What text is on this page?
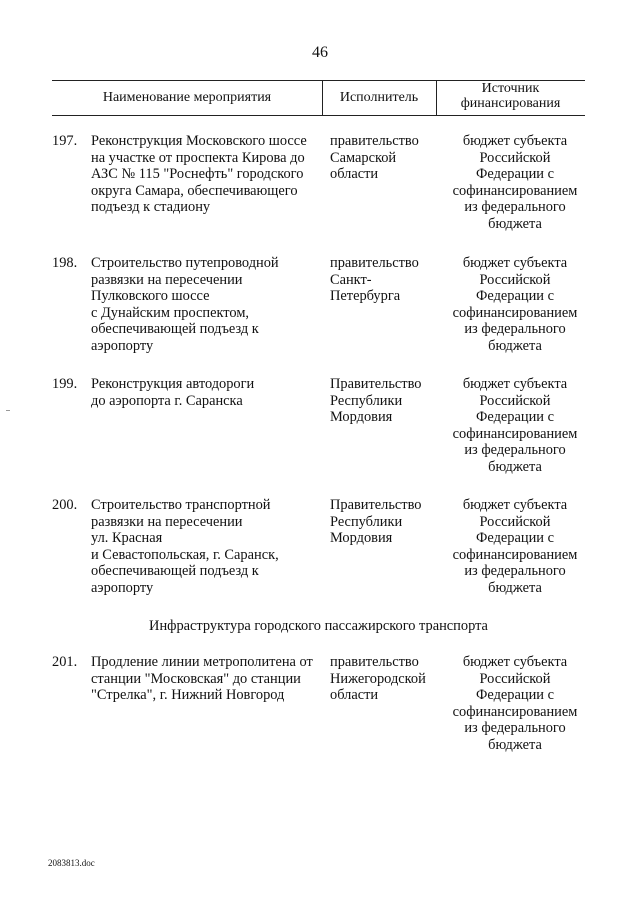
46
Наименование мероприятия	Исполнитель
Источник
финансирования
197. Реконструкция Московского шоссе
на участке от проспекта Кирова до
АЗС № 115 "Роснефть" городского
округа Самара, обеспечивающего
подъезд к стадиону
правительство
Самарской
области
бюджет субъекта
Российской
Федерации с
софинансированием
из федерального
бюджета
198. Строительство путепроводной
развязки на пересечении
Пулковского шоссе
с Дунайским проспектом,
обеспечивающей подъезд к
аэропорту
правительство
Санкт-
Петербурга
бюджет субъекта
Российской
Федерации с
софинансированием
из федерального
бюджета
199. Реконструкция автодороги
до аэропорта г. Саранска
Правительство
Республики
Мордовия
бюджет субъекта
Российской
Федерации с
софинансированием
из федерального
бюджета
200. Строительство транспортной
развязки на пересечении
ул. Красная
и Севастопольская, г. Саранск,
обеспечивающей подъезд к
аэропорту
Правительство
Республики
Мордовия
бюджет субъекта
Российской
Федерации с
софинансированием
из федерального
бюджета
Инфраструктура городского пассажирского транспорта
201. Продление линии метрополитена от
станции "Московская" до станции
"Стрелка", г. Нижний Новгород
правительство
Нижегородской
области
бюджет субъекта
Российской
Федерации с
софинансированием
из федерального
бюджета
2083813.doc
